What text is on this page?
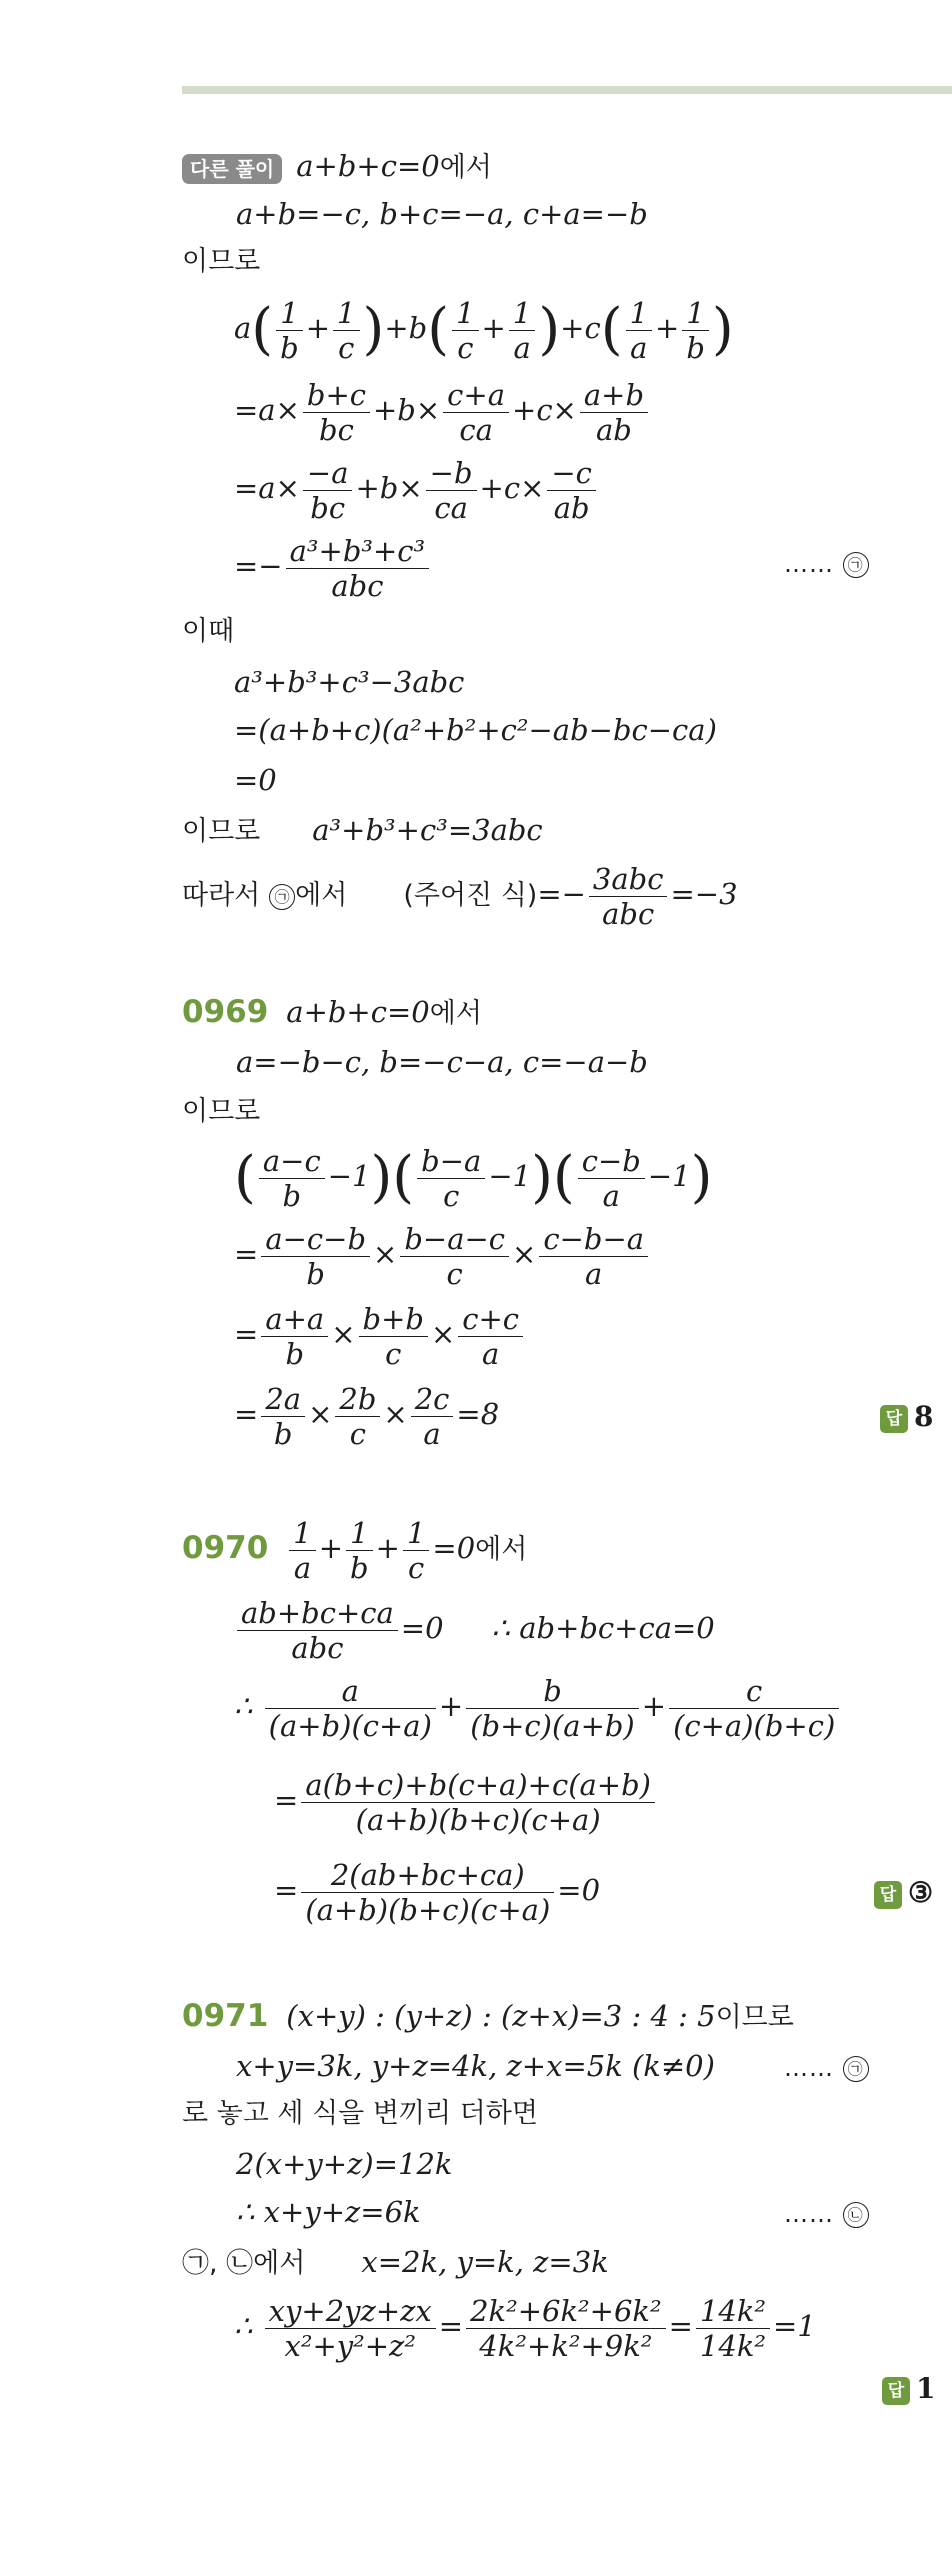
다른 풀이 a+b+c=0에서
a+b=−c, b+c=−a, c+a=−b
이므로
$a( \frac{1}{b} + \frac{1}{c} )+b( \frac{1}{c} + \frac{1}{a} )+c( \frac{1}{a} + \frac{1}{b}$ )
$=a\times \frac{b+c}{bc} +b\times \frac{c+a}{ca} +c\times \frac{a+b}{ab}$
$=a\times \frac{-a}{bc} +b\times \frac{-b}{ca} +c\times \frac{-c}{ab}$
=− $\frac{\text{a³+b³+c³}}{\text{abc}}$	…… ㉠
이때
a³+b³+c³−3abc
=(a+b+c)(a²+b²+c²−ab−bc−ca)
=0
이므로 a³+b³+c³=3abc
따라서 ㉠ 에서 (주어진 식)=− $\frac{\text{3abc}}{\text{abc}} =-3$
0969 a+b+c=0에서
a=−b−c, b=−c−a, c=−a−b
이므로
( $\frac{a-c}{b} -1)( \frac{b-a}{c} -1)( \frac{c-b}{a} -1)$
= $\frac{a-c-b}{b} \times \frac{b-a-c}{c} \times \frac{c-b-a}{a}$
= $\frac{a+a}{b} \times \frac{b+b}{c} \times \frac{c+c}{a}$
= $\frac{2a}{b} \times \frac{2b}{c} \times \frac{2c}{a} =8$	답 8
$0970 \frac{1}{a} + \frac{1}{b} + \frac{1}{c} =0$에서
$\frac{ab+bc+ca}{\text{abc}} =0$ ∴ ab+bc+ca=0
∴ $\frac{a}{(a+b)(c+a)} + \frac{b}{(b+c)(a+b)} + \frac{c}{(c+a)(b+c)}$
= $\frac{a(b+c)+b(c+a)+c(a+b)}{(a+b)(b+c)(c+a)}$
= $\frac{2(ab+bc+ca)}{(a+b)(b+c)(c+a)} =0$	답 ③
0971 (x+y) : (y+z) : (z+x)=3 : 4 : 5이므로
x+y=3k, y+z=4k, z+x=5k (k≠0)	…… ㉠
로 놓고 세 식을 변끼리 더하면
2(x+y+z)=12k
∴ x+y+z=6k	…… ㉡
㉠, ㉡에서 x=2k, y=k, z=3k
∴ $\frac{xy+2yz+zx}{\text{x²+y²+z²}} = \frac{\text{2k²+6k²+6k²}}{\text{4k²+k²+9k²}} = \frac{\text{14k²}}{\text{14k²}} =1$
답 1
